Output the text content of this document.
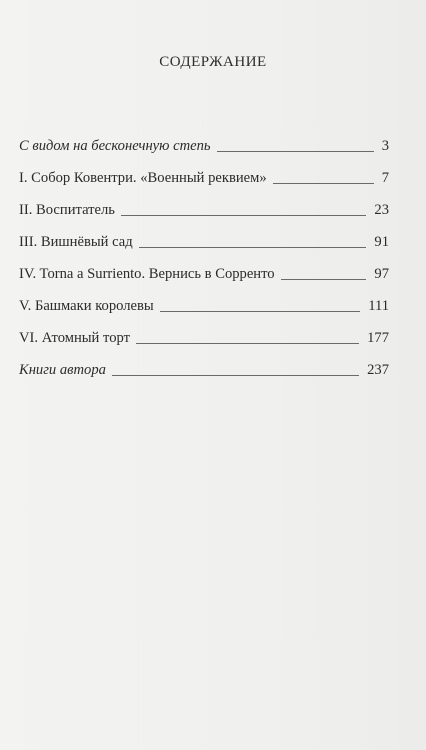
СОДЕРЖАНИЕ
С видом на бесконечную степь	3
I. Собор Ковентри. «Военный реквием»	7
II. Воспитатель	23
III. Вишнёвый сад	91
IV. Torna a Surriento. Вернись в Сорренто	97
V. Башмаки королевы	111
VI. Атомный торт	177
Книги автора	237
